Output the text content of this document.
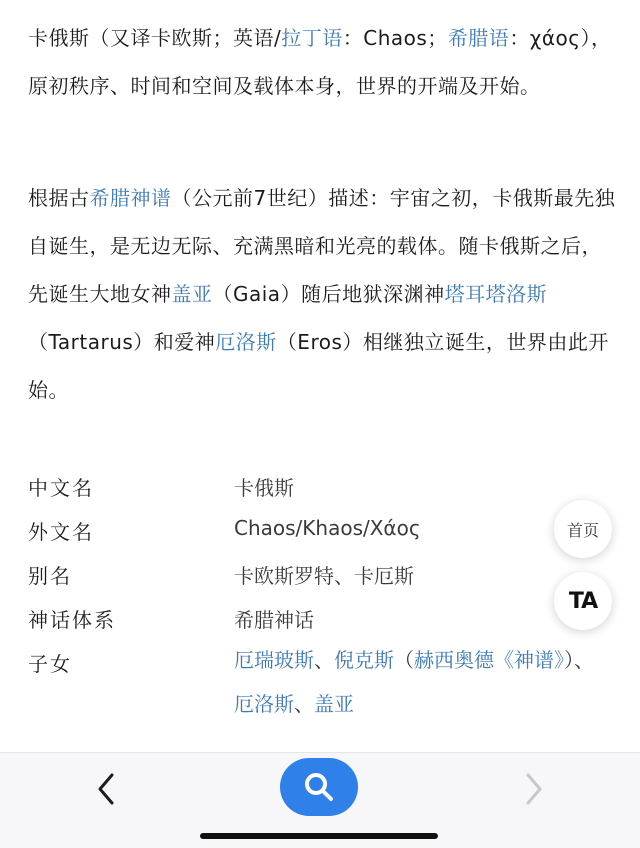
卡俄斯（又译卡欧斯；英语/拉丁语：Chaos；希腊语：χάος），原初秩序、时间和空间及载体本身，世界的开端及开始。
根据古希腊神谱（公元前7世纪）描述：宇宙之初，卡俄斯最先独自诞生，是无边无际、充满黑暗和光亮的载体。随卡俄斯之后，先诞生大地女神盖亚（Gaia）随后地狱深渊神塔耳塔洛斯（Tartarus）和爱神厄洛斯（Eros）相继独立诞生，世界由此开始。
中文名	卡俄斯
外文名	Chaos/Khaos/Χάος
别名	卡欧斯罗特、卡厄斯
神话体系	希腊神话
子女	厄瑞玻斯、倪克斯（赫西奥德《神谱》）、厄洛斯、盖亚
首页
TA
